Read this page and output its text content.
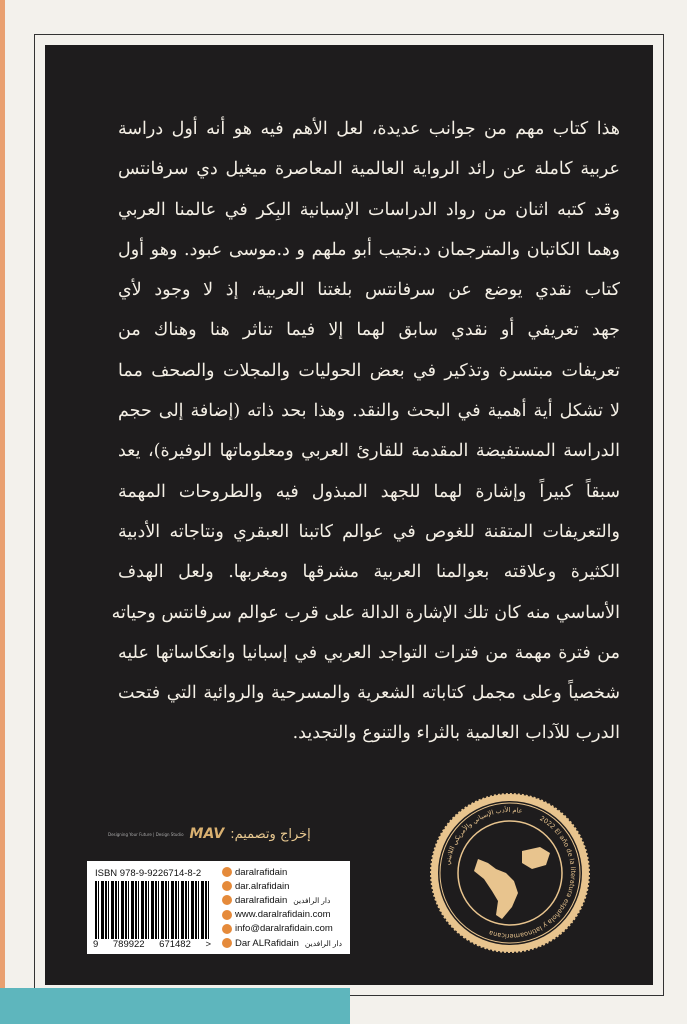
هذا كتاب مهم من جوانب عديدة، لعل الأهم فيه هو أنه أول دراسة
عربية كاملة عن رائد الرواية العالمية المعاصرة ميغيل دي سرفانتس
وقد كتبه اثنان من رواد الدراسات الإسبانية البِكر في عالمنا العربي
وهما الكاتبان والمترجمان د.نجيب أبو ملهم و د.موسى عبود. وهو أول
كتاب نقدي يوضع عن سرفانتس بلغتنا العربية، إذ لا وجود لأي
جهد تعريفي أو نقدي سابق لهما إلا فيما تناثر هنا وهناك من
تعريفات مبتسرة وتذكير في بعض الحوليات والمجلات والصحف مما
لا تشكل أية أهمية في البحث والنقد. وهذا بحد ذاته (إضافة إلى حجم
الدراسة المستفيضة المقدمة للقارئ العربي ومعلوماتها الوفيرة)، يعد
سبقاً كبيراً وإشارة لهما للجهد المبذول فيه والطروحات المهمة
والتعريفات المتقنة للغوص في عوالم كاتبنا العبقري ونتاجاته الأدبية
الكثيرة وعلاقته بعوالمنا العربية مشرقها ومغربها. ولعل الهدف
الأساسي منه كان تلك الإشارة الدالة على قرب عوالم سرفانتس وحياته
من فترة مهمة من فترات التواجد العربي في إسبانيا وانعكاساتها عليه
شخصياً وعلى مجمل كتاباته الشعرية والمسرحية والروائية التي فتحت
الدرب للآداب العالمية بالثراء والتنوع والتجديد.
إخراج وتصميم:
MAV
Designing Your Future | Design Studio
ISBN 978-9-9226714-8-2
9 789922 671482 >
daralrafidain
dar.alrafidain
daralrafidain دار الرافدين
www.daralrafidain.com
info@daralrafidain.com
Dar ALRafidain دار الرافدين
عام الأدب الإسباني والأمريكي اللاتيني
2022 El año de la literatura española y latinoamericana
